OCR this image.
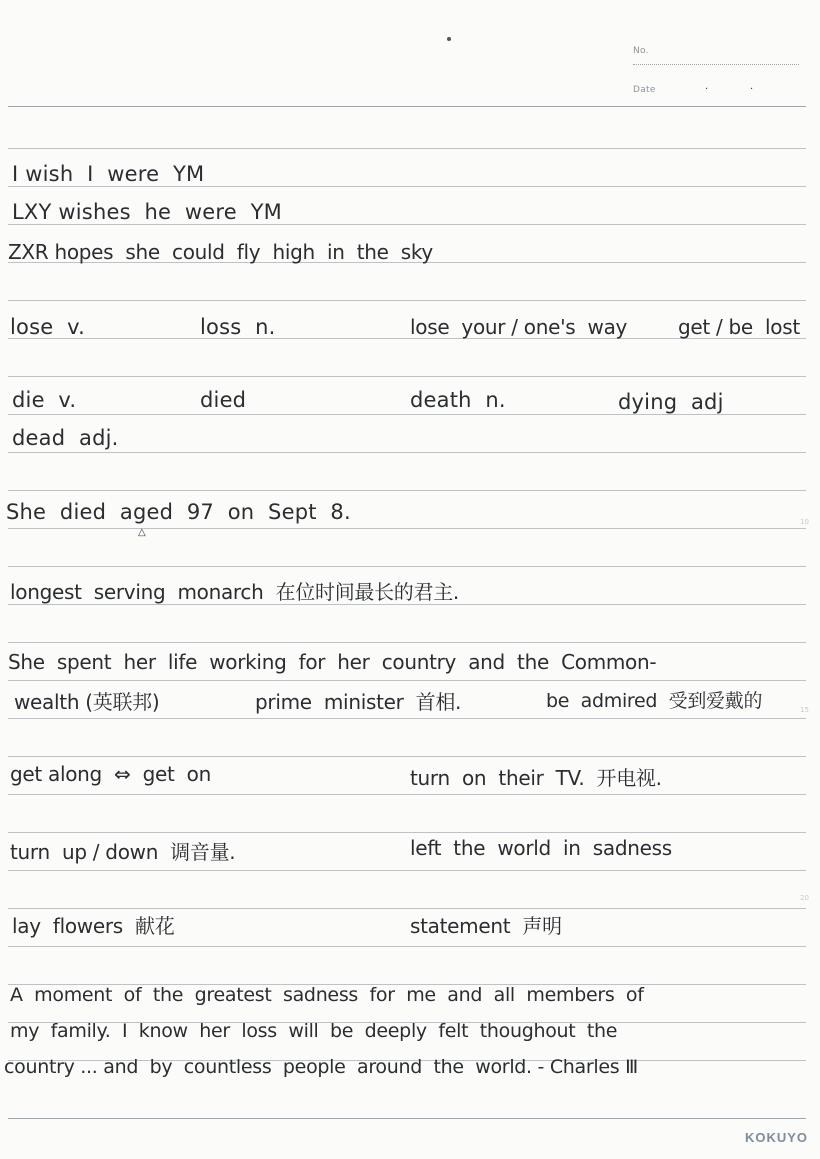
No.
Date	·	·
10
15
20
I wish  I  were  YM
LXY wishes  he  were  YM
ZXR hopes  she  could  fly  high  in  the  sky
lose  v.	loss  n.	lose  your / one's  way	get / be  lost
die  v.	died	death  n.	dying  adj
dead  adj.
She  died  aged  97  on  Sept  8.
△
longest  serving  monarch  在位时间最长的君主.
She  spent  her  life  working  for  her  country  and  the  Common-
wealth (英联邦)	prime  minister  首相.	be  admired  受到爱戴的
get along  ⇔  get  on	turn  on  their  TV.  开电视.
turn  up / down  调音量.	left  the  world  in  sadness
lay  flowers  献花	statement  声明
A  moment  of  the  greatest  sadness  for  me  and  all  members  of
my  family.  I  know  her  loss  will  be  deeply  felt  thoughout  the
country ... and  by  countless  people  around  the  world. - Charles Ⅲ
KOKUYO
